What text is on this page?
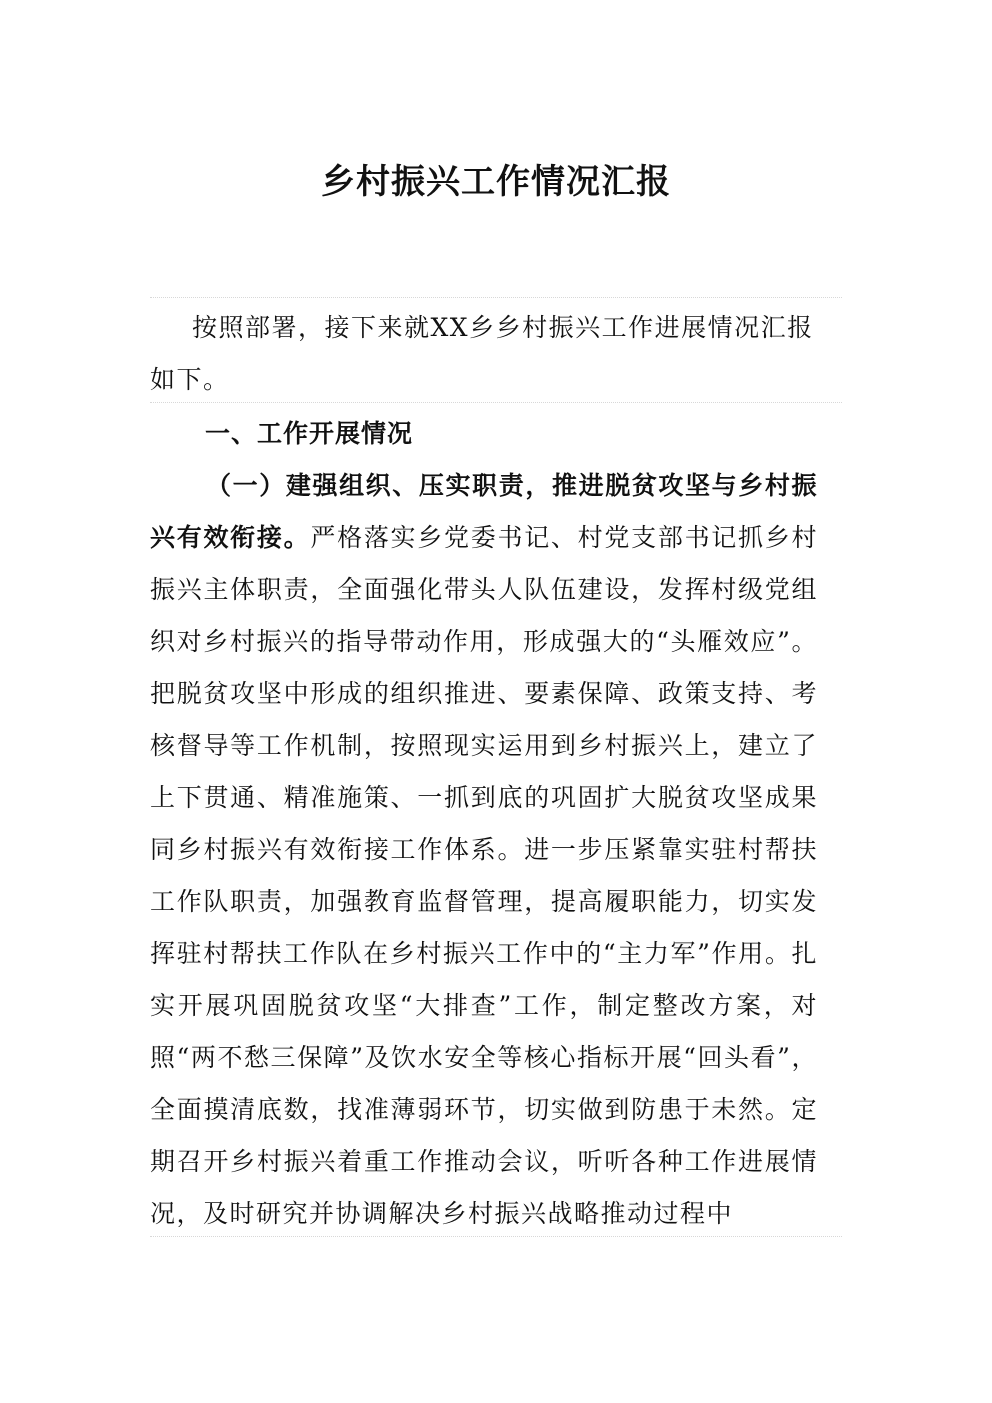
乡村振兴工作情况汇报
按照部署，接下来就XX乡乡村振兴工作进展情况汇报如下。
一、工作开展情况
（一）建强组织、压实职责，推进脱贫攻坚与乡村振兴有效衔接。严格落实乡党委书记、村党支部书记抓乡村振兴主体职责，全面强化带头人队伍建设，发挥村级党组织对乡村振兴的指导带动作用，形成强大的“头雁效应”。把脱贫攻坚中形成的组织推进、要素保障、政策支持、考核督导等工作机制，按照现实运用到乡村振兴上，建立了上下贯通、精准施策、一抓到底的巩固扩大脱贫攻坚成果同乡村振兴有效衔接工作体系。进一步压紧靠实驻村帮扶工作队职责，加强教育监督管理，提高履职能力，切实发挥驻村帮扶工作队在乡村振兴工作中的“主力军”作用。扎实开展巩固脱贫攻坚“大排查”工作，制定整改方案，对照“两不愁三保障”及饮水安全等核心指标开展“回头看”，全面摸清底数，找准薄弱环节，切实做到防患于未然。定期召开乡村振兴着重工作推动会议，听听各种工作进展情况，及时研究并协调解决乡村振兴战略推动过程中
